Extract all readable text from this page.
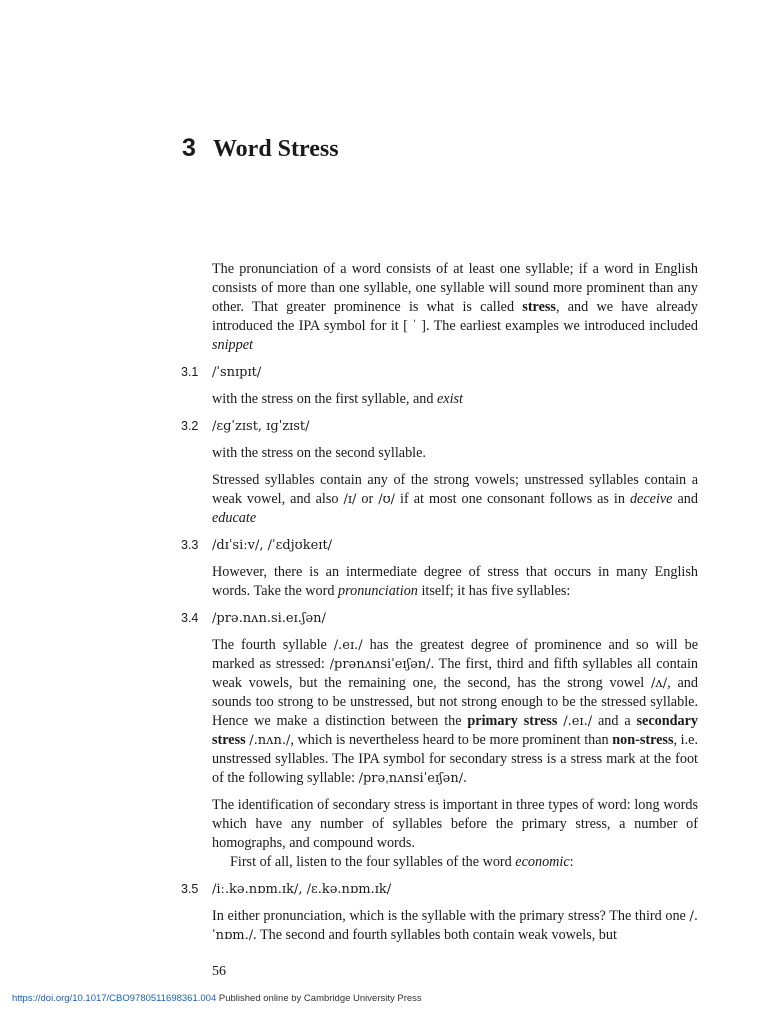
3 Word Stress

The pronunciation of a word consists of at least one syllable; if a word in English consists of more than one syllable, one syllable will sound more prominent than any other. That greater prominence is what is called stress, and we have already introduced the IPA symbol for it [ ˈ ]. The earliest examples we introduced included snippet

3.1 /ˈsnɪpɪt/

with the stress on the first syllable, and exist

3.2 /ɛɡˈzɪst, ɪɡˈzɪst/

with the stress on the second syllable.

Stressed syllables contain any of the strong vowels; unstressed syllables contain a weak vowel, and also /ɪ/ or /ʊ/ if at most one consonant follows as in deceive and educate

3.3 /dɪˈsiːv/, /ˈɛdjʊkeɪt/

However, there is an intermediate degree of stress that occurs in many English words. Take the word pronunciation itself; it has five syllables:

3.4 /prə.nʌn.si.eɪ.ʃən/

The fourth syllable /.eɪ./ has the greatest degree of prominence and so will be marked as stressed: /prənʌnsiˈeɪʃən/. The first, third and fifth syllables all contain weak vowels, but the remaining one, the second, has the strong vowel /ʌ/, and sounds too strong to be unstressed, but not strong enough to be the stressed syllable. Hence we make a distinction between the primary stress /.eɪ./ and a secondary stress /.nʌn./, which is nevertheless heard to be more prominent than non-stress, i.e. unstressed syllables. The IPA symbol for secondary stress is a stress mark at the foot of the following syllable: /prəˌnʌnsiˈeɪʃən/.

The identification of secondary stress is important in three types of word: long words which have any number of syllables before the primary stress, a number of homographs, and compound words.

First of all, listen to the four syllables of the word economic:

3.5 /iː.kə.nɒm.ɪk/, /ɛ.kə.nɒm.ɪk/

In either pronunciation, which is the syllable with the primary stress? The third one /.ˈnɒm./. The second and fourth syllables both contain weak vowels, but

56
https://doi.org/10.1017/CBO9780511698361.004 Published online by Cambridge University Press
